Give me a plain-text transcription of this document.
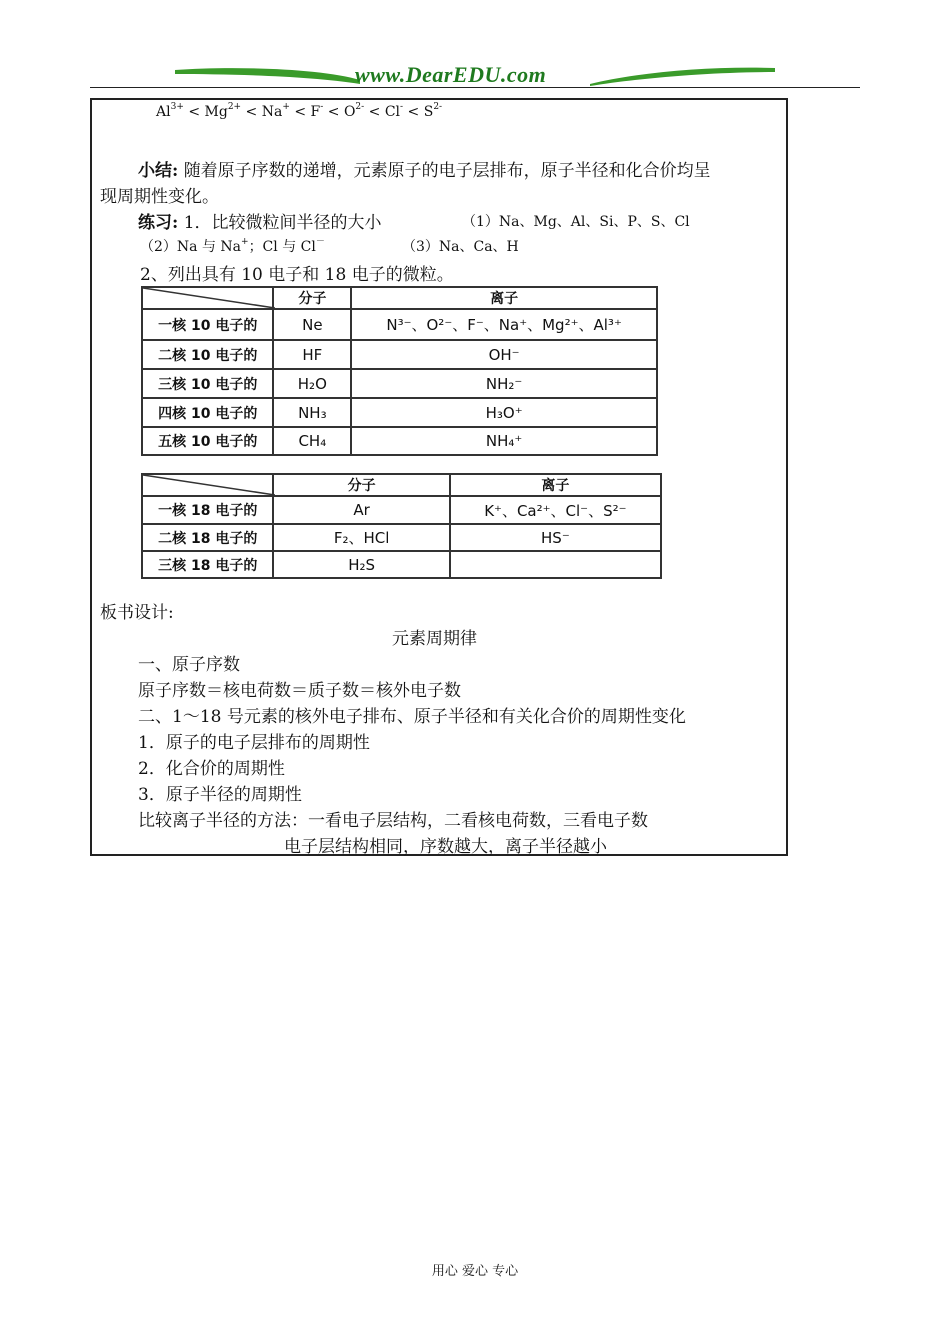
www.DearEDU.com
$Al^{3+} < Mg^{2+} < Na^+ < F^- < O^{2-} < Cl^- < S^{2-}$
小结: 随着原子序数的递增，元素原子的电子层排布，原子半径和化合价均呈
现周期性变化。
练习: 1．比较微粒间半径的大小	（1）Na、Mg、Al、Si、P、S、Cl
（2）Na 与 Na+；Cl 与 Cl－	（3）Na、Ca、H
2、列出具有 10 电子和 18 电子的微粒。
	分子	离子
一核 10 电子的	Ne	N³⁻、O²⁻、F⁻、Na⁺、Mg²⁺、Al³⁺
二核 10 电子的	HF	OH⁻
三核 10 电子的	H₂O	NH₂⁻
四核 10 电子的	NH₃	H₃O⁺
五核 10 电子的	CH₄	NH₄⁺
	分子	离子
一核 18 电子的	Ar	K⁺、Ca²⁺、Cl⁻、S²⁻
二核 18 电子的	F₂、HCl	HS⁻
三核 18 电子的	H₂S	
板书设计:
元素周期律
一、原子序数
原子序数＝核电荷数＝质子数＝核外电子数
二、1～18 号元素的核外电子排布、原子半径和有关化合价的周期性变化
1．原子的电子层排布的周期性
2．化合价的周期性
3．原子半径的周期性
比较离子半径的方法：一看电子层结构，二看核电荷数，三看电子数
电子层结构相同，序数越大，离子半径越小
用心 爱心 专心
